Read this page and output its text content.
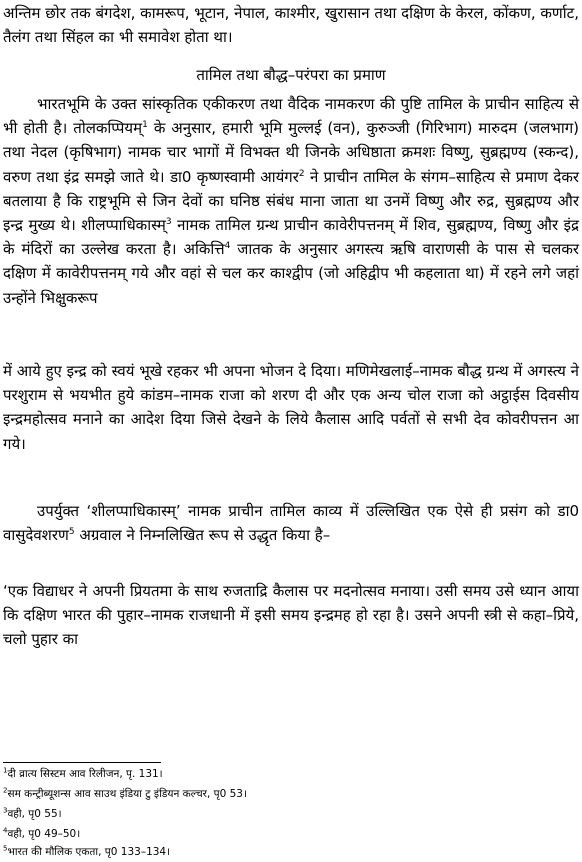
अन्तिम छोर तक बंगदेश, कामरूप, भूटान, नेपाल, काश्मीर, खुरासान तथा दक्षिण के केरल, कोंकण, कर्णाट, तैलंग तथा सिंहल का भी समावेश होता था।

तामिल तथा बौद्ध–परंपरा का प्रमाण

भारतभूमि के उक्त सांस्कृतिक एकीकरण तथा वैदिक नामकरण की पुष्टि तामिल के प्राचीन साहित्य से भी होती है। तोलकप्पियम्$^1$ के अनुसार, हमारी भूमि मुल्लई (वन), कुरुञ्जी (गिरिभाग) मारुदम (जलभाग) तथा नेदल (कृषिभाग) नामक चार भागों में विभक्त थी जिनके अधिष्ठाता क्रमशः विष्णु, सुब्रह्मण्य (स्कन्द), वरुण तथा इंद्र समझे जाते थे। डा0 कृष्णस्वामी आयंगर$^2$ ने प्राचीन तामिल के संगम–साहित्य से प्रमाण देकर बतलाया है कि राष्ट्रभूमि से जिन देवों का घनिष्ठ संबंध माना जाता था उनमें विष्णु और रुद्र, सुब्रह्मण्य और इन्द्र मुख्य थे। शीलप्पाधिकास्म्$^3$ नामक तामिल ग्रन्थ प्राचीन कावेरीपत्तनम् में शिव, सुब्रह्मण्य, विष्णु और इंद्र के मंदिरों का उल्लेख करता है। अकित्ति$^4$ जातक के अनुसार अगस्त्य ऋषि वाराणसी के पास से चलकर दक्षिण में कावेरीपत्तनम् गये और वहां से चल कर काश्द्वीप (जो अहिद्वीप भी कहलाता था) में रहने लगे जहां उन्होंने भिक्षुकरूप

में आये हुए इन्द्र को स्वयं भूखे रहकर भी अपना भोजन दे दिया। मणिमेखलाई–नामक बौद्ध ग्रन्थ में अगस्त्य ने परशुराम से भयभीत हुये कांडम–नामक राजा को शरण दी और एक अन्य चोल राजा को अट्ठाईस दिवसीय इन्द्रमहोत्सव मनाने का आदेश दिया जिसे देखने के लिये कैलास आदि पर्वतों से सभी देव कोवरीपत्तन आ गये।

उपर्युक्त ‘शीलप्पाधिकास्म्’ नामक प्राचीन तामिल काव्य में उल्लिखित एक ऐसे ही प्रसंग को डा0 वासुदेवशरण$^5$ अग्रवाल ने निम्नलिखित रूप से उद्धृत किया है–

‘एक विद्याधर ने अपनी प्रियतमा के साथ रुजताद्रि कैलास पर मदनोत्सव मनाया। उसी समय उसे ध्यान आया कि दक्षिण भारत की पुहार–नामक राजधानी में इसी समय इन्द्रमह हो रहा है। उसने अपनी स्त्री से कहा–प्रिये, चलो पुहार का

$^1$दी व्रात्य सिस्टम आव रिलीजन, पृ. 131।

$^2$सम कन्ट्रीब्यूशन्स आव साउथ इंडिया टु इंडियन कल्चर, पृ0 53।

$^3$वही, पृ0 55।

$^4$वही, पृ0 49–50।

$^5$भारत की मौलिक एकता, पृ0 133–134।
